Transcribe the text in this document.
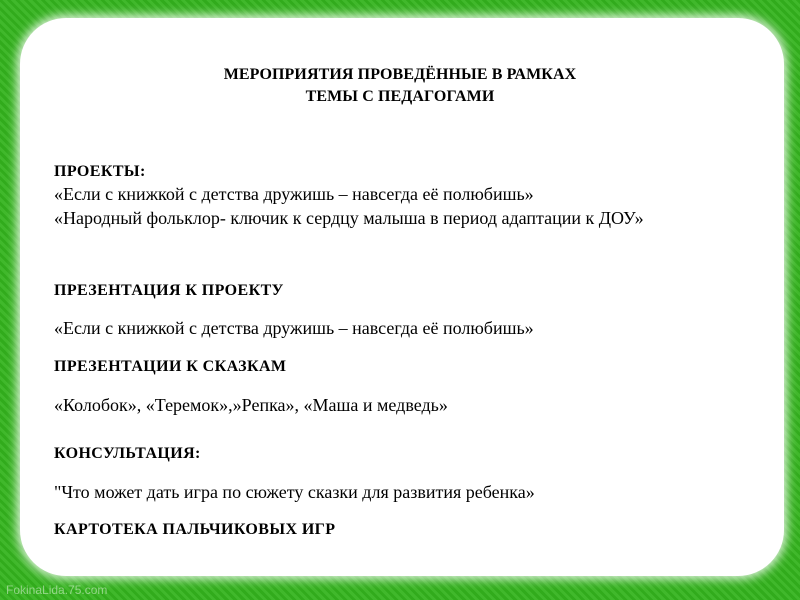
МЕРОПРИЯТИЯ ПРОВЕДЁННЫЕ В РАМКАХ
ТЕМЫ С ПЕДАГОГАМИ
ПРОЕКТЫ:
«Если с книжкой с детства дружишь – навсегда её полюбишь»
«Народный фольклор- ключик к сердцу малыша в период адаптации к ДОУ»
ПРЕЗЕНТАЦИЯ К ПРОЕКТУ
«Если с книжкой с детства дружишь – навсегда её полюбишь»
ПРЕЗЕНТАЦИИ К СКАЗКАМ
«Колобок», «Теремок»,»Репка», «Маша и медведь»
КОНСУЛЬТАЦИЯ:
"Что может дать игра по сюжету сказки для развития ребенка»
КАРТОТЕКА ПАЛЬЧИКОВЫХ ИГР
FokinaLida.75.com
